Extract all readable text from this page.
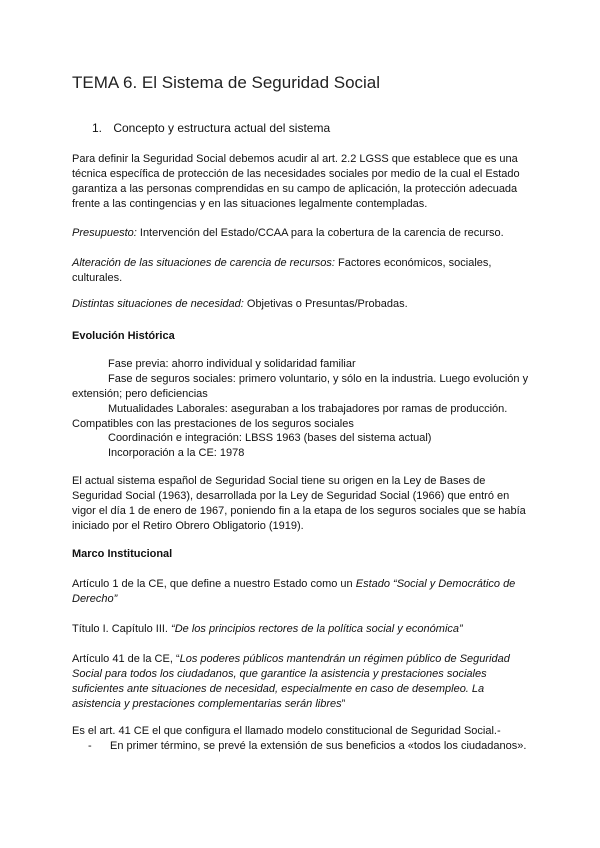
TEMA 6. El Sistema de Seguridad Social
1. Concepto y estructura actual del sistema

Para definir la Seguridad Social debemos acudir al art. 2.2 LGSS que establece que es una técnica específica de protección de las necesidades sociales por medio de la cual el Estado garantiza a las personas comprendidas en su campo de aplicación, la protección adecuada frente a las contingencias y en las situaciones legalmente contempladas.

Presupuesto: Intervención del Estado/CCAA para la cobertura de la carencia de recurso.

Alteración de las situaciones de carencia de recursos: Factores económicos, sociales, culturales.

Distintas situaciones de necesidad: Objetivas o Presuntas/Probadas.

Evolución Histórica

Fase previa: ahorro individual y solidaridad familiar

Fase de seguros sociales: primero voluntario, y sólo en la industria. Luego evolución y extensión; pero deficiencias

Mutualidades Laborales: aseguraban a los trabajadores por ramas de producción. Compatibles con las prestaciones de los seguros sociales

Coordinación e integración: LBSS 1963 (bases del sistema actual)

Incorporación a la CE: 1978

El actual sistema español de Seguridad Social tiene su origen en la Ley de Bases de Seguridad Social (1963), desarrollada por la Ley de Seguridad Social (1966) que entró en vigor el día 1 de enero de 1967, poniendo fin a la etapa de los seguros sociales que se había iniciado por el Retiro Obrero Obligatorio (1919).

Marco Institucional

Artículo 1 de la CE, que define a nuestro Estado como un Estado “Social y Democrático de Derecho”

Título I. Capítulo III. “De los principios rectores de la política social y económica”

Artículo 41 de la CE, “Los poderes públicos mantendrán un régimen público de Seguridad Social para todos los ciudadanos, que garantice la asistencia y prestaciones sociales suficientes ante situaciones de necesidad, especialmente en caso de desempleo. La asistencia y prestaciones complementarias serán libres”

Es el art. 41 CE el que configura el llamado modelo constitucional de Seguridad Social.-

- En primer término, se prevé la extensión de sus beneficios a «todos los ciudadanos».
